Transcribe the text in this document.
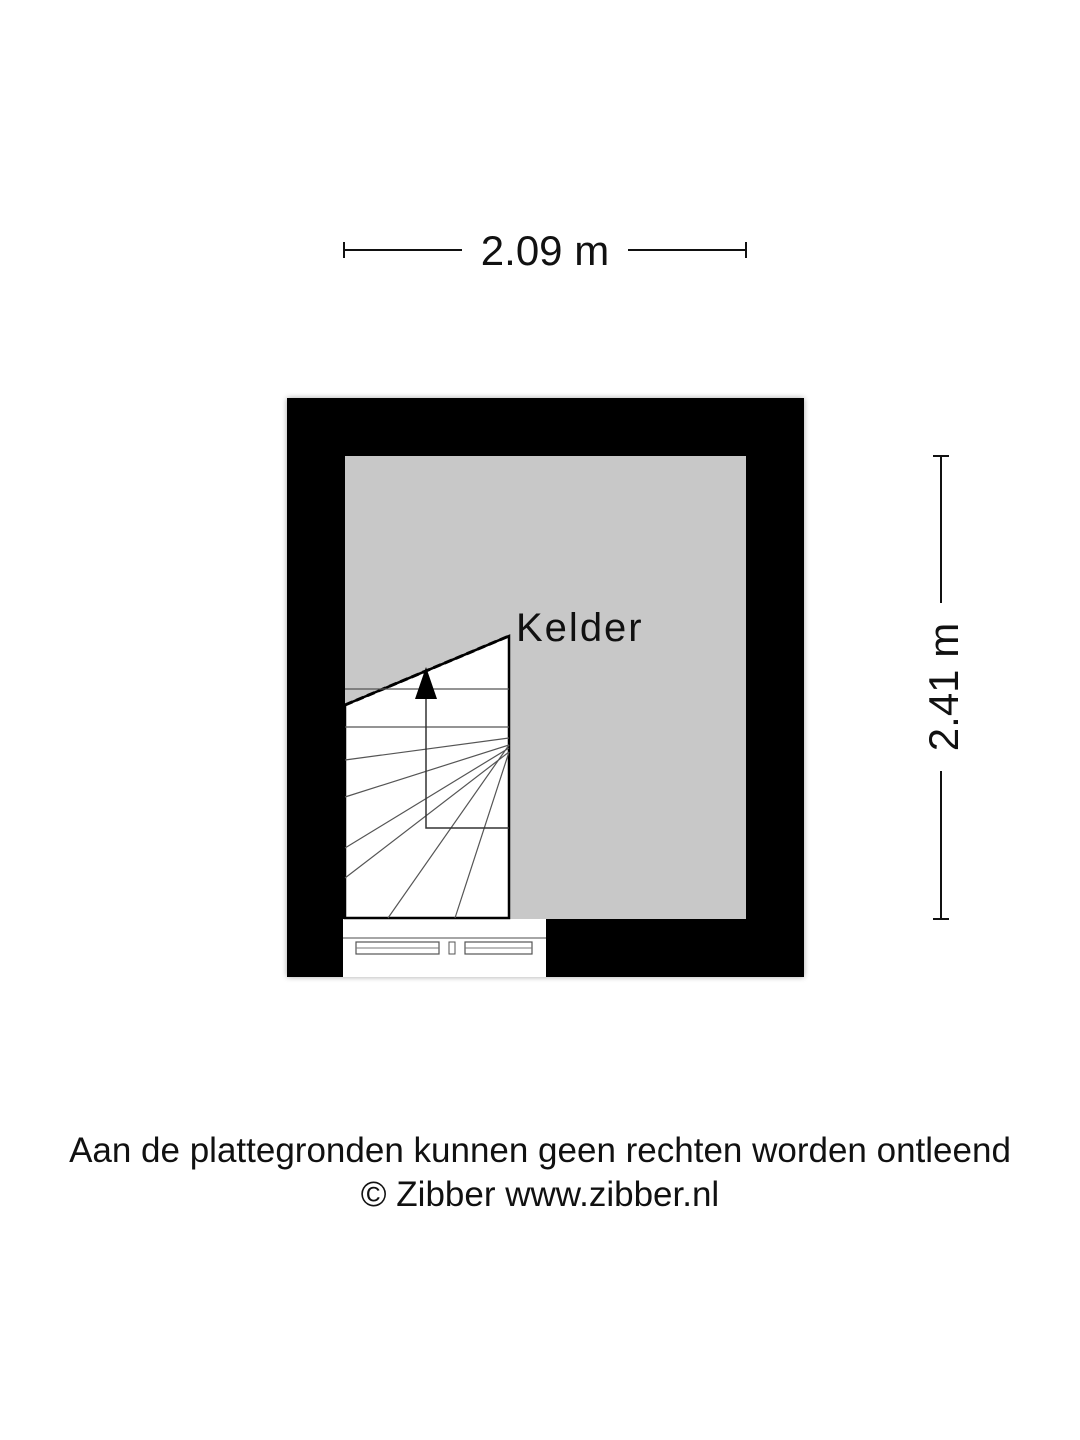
2.09 m
2.41 m
Kelder
Aan de plattegronden kunnen geen rechten worden ontleend
© Zibber www.zibber.nl
